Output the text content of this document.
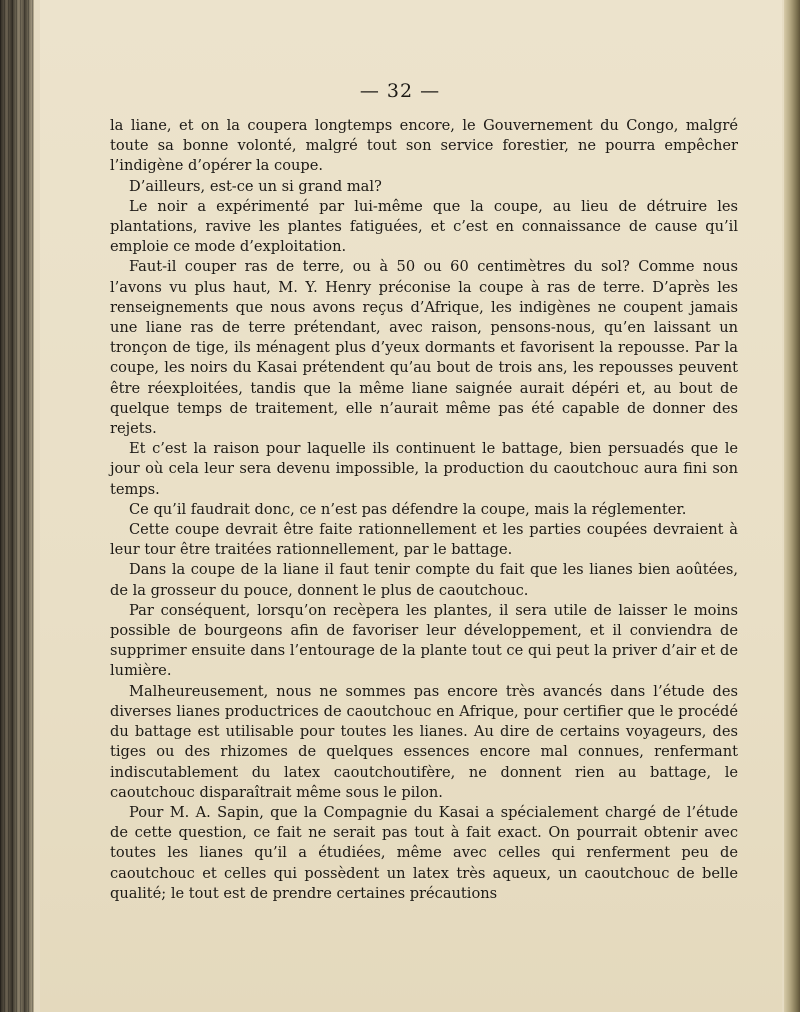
— 32 —

la liane, et on la coupera longtemps encore, le Gouvernement du Congo, malgré toute sa bonne volonté, malgré tout son service forestier, ne pourra empêcher l’indigène d’opérer la coupe.

D’ailleurs, est-ce un si grand mal?

Le noir a expérimenté par lui-même que la coupe, au lieu de détruire les plantations, ravive les plantes fatiguées, et c’est en connaissance de cause qu’il emploie ce mode d’exploitation.

Faut-il couper ras de terre, ou à 50 ou 60 centimètres du sol? Comme nous l’avons vu plus haut, M. Y. Henry préconise la coupe à ras de terre. D’après les renseignements que nous avons reçus d’Afrique, les indigènes ne coupent jamais une liane ras de terre prétendant, avec raison, pensons-nous, qu’en laissant un tronçon de tige, ils ménagent plus d’yeux dormants et favorisent la repousse. Par la coupe, les noirs du Kasai prétendent qu’au bout de trois ans, les repousses peuvent être réexploitées, tandis que la même liane saignée aurait dépéri et, au bout de quelque temps de traitement, elle n’aurait même pas été capable de donner des rejets.

Et c’est la raison pour laquelle ils continuent le battage, bien persuadés que le jour où cela leur sera devenu impossible, la production du caoutchouc aura fini son temps.

Ce qu’il faudrait donc, ce n’est pas défendre la coupe, mais la réglementer.

Cette coupe devrait être faite rationnellement et les parties coupées devraient à leur tour être traitées rationnellement, par le battage.

Dans la coupe de la liane il faut tenir compte du fait que les lianes bien aoûtées, de la grosseur du pouce, donnent le plus de caoutchouc.

Par conséquent, lorsqu’on recèpera les plantes, il sera utile de laisser le moins possible de bourgeons afin de favoriser leur développement, et il conviendra de supprimer ensuite dans l’entourage de la plante tout ce qui peut la priver d’air et de lumière.

Malheureusement, nous ne sommes pas encore très avancés dans l’étude des diverses lianes productrices de caoutchouc en Afrique, pour certifier que le procédé du battage est utilisable pour toutes les lianes. Au dire de certains voyageurs, des tiges ou des rhizomes de quelques essences encore mal connues, renfermant indiscutablement du latex caoutchoutifère, ne donnent rien au battage, le caoutchouc disparaîtrait même sous le pilon.

Pour M. A. Sapin, que la Compagnie du Kasai a spécialement chargé de l’étude de cette question, ce fait ne serait pas tout à fait exact. On pourrait obtenir avec toutes les lianes qu’il a étudiées, même avec celles qui renferment peu de caoutchouc et celles qui possèdent un latex très aqueux, un caoutchouc de belle qualité; le tout est de prendre certaines précautions
